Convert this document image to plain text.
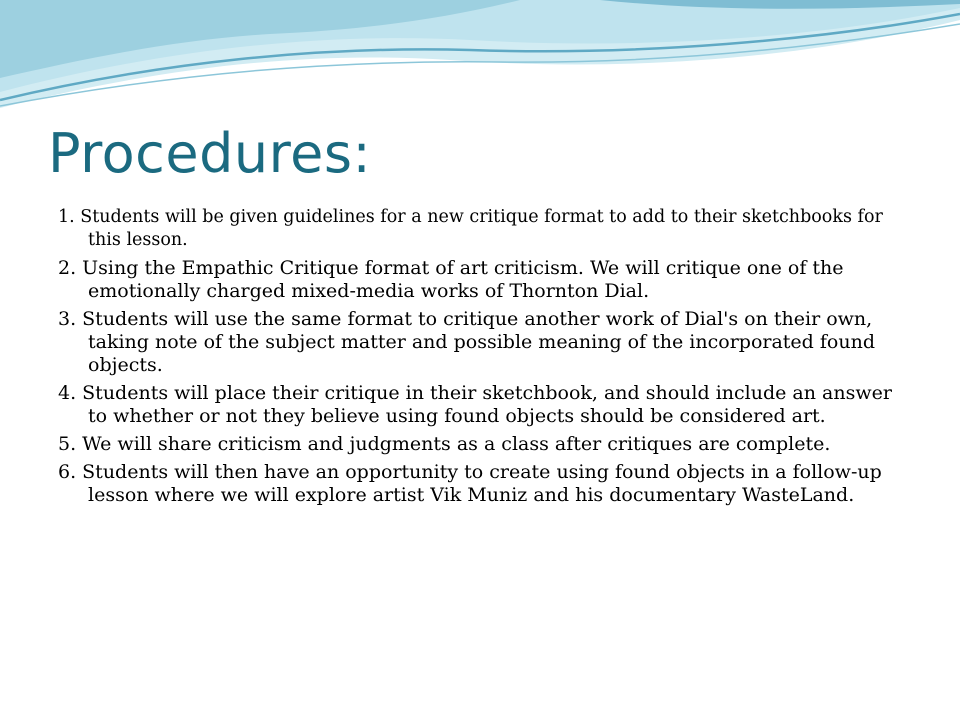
Procedures:
1. Students will be given guidelines for a new critique format to add to their sketchbooks for this lesson.
2. Using the Empathic Critique format of art criticism. We will critique one of the emotionally charged mixed-media works of Thornton Dial.
3. Students will use the same format to critique another work of Dial's on their own, taking note of the subject matter and possible meaning of the incorporated found objects.
4. Students will place their critique in their sketchbook, and should include an answer to whether or not they believe using found objects should be considered art.
5. We will share criticism and judgments as a class after critiques are complete.
6. Students will then have an opportunity to create using found objects in a follow-up lesson where we will explore artist Vik Muniz and his documentary WasteLand.
